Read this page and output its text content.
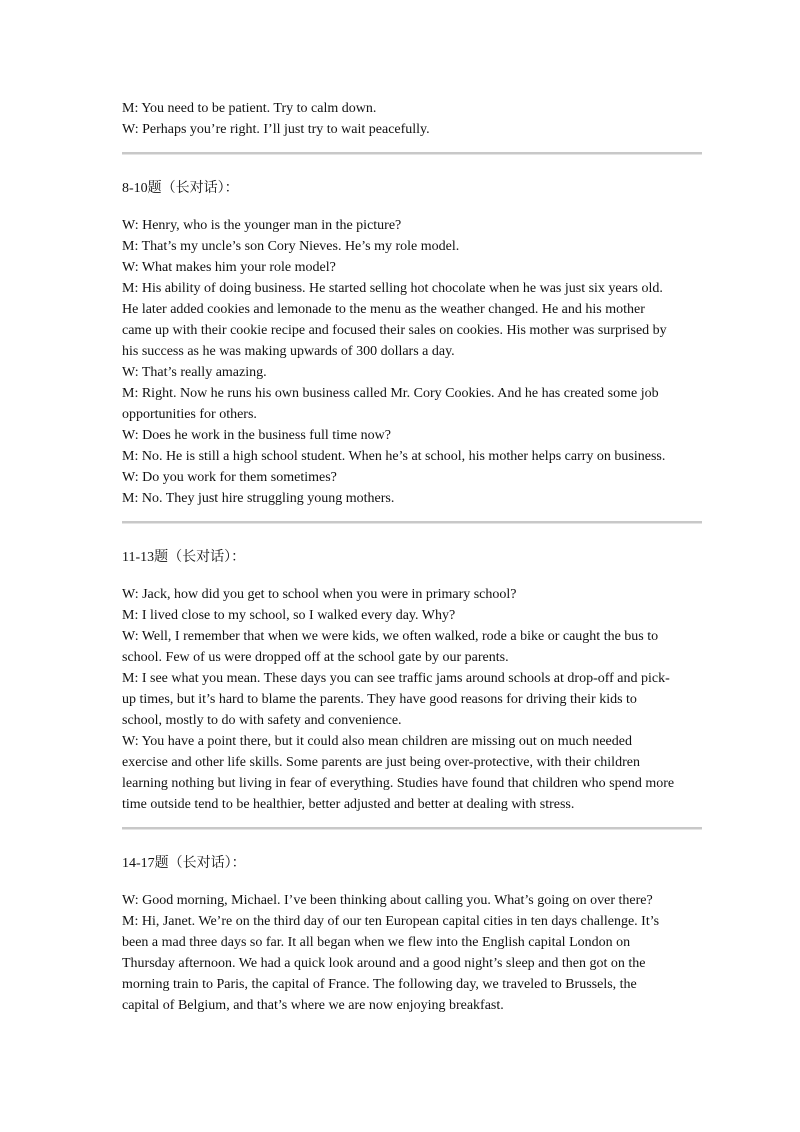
M: You need to be patient. Try to calm down.

W: Perhaps you’re right. I’ll just try to wait peacefully.

8-10题（长对话）：

W: Henry, who is the younger man in the picture?

M: That’s my uncle’s son Cory Nieves. He’s my role model.

W: What makes him your role model?

M: His ability of doing business. He started selling hot chocolate when he was just six years old.

He later added cookies and lemonade to the menu as the weather changed. He and his mother

came up with their cookie recipe and focused their sales on cookies. His mother was surprised by

his success as he was making upwards of 300 dollars a day.

W: That’s really amazing.

M: Right. Now he runs his own business called Mr. Cory Cookies. And he has created some job

opportunities for others.

W: Does he work in the business full time now?

M: No. He is still a high school student. When he’s at school, his mother helps carry on business.

W: Do you work for them sometimes?

M: No. They just hire struggling young mothers.

11-13题（长对话）：

W: Jack, how did you get to school when you were in primary school?

M: I lived close to my school, so I walked every day. Why?

W: Well, I remember that when we were kids, we often walked, rode a bike or caught the bus to

school. Few of us were dropped off at the school gate by our parents.

M: I see what you mean. These days you can see traffic jams around schools at drop-off and pick-

up times, but it’s hard to blame the parents. They have good reasons for driving their kids to

school, mostly to do with safety and convenience.

W: You have a point there, but it could also mean children are missing out on much needed

exercise and other life skills. Some parents are just being over-protective, with their children

learning nothing but living in fear of everything. Studies have found that children who spend more

time outside tend to be healthier, better adjusted and better at dealing with stress.

14-17题（长对话）：

W: Good morning, Michael. I’ve been thinking about calling you. What’s going on over there?

M: Hi, Janet. We’re on the third day of our ten European capital cities in ten days challenge. It’s

been a mad three days so far. It all began when we flew into the English capital London on

Thursday afternoon. We had a quick look around and a good night’s sleep and then got on the

morning train to Paris, the capital of France. The following day, we traveled to Brussels, the

capital of Belgium, and that’s where we are now enjoying breakfast.
